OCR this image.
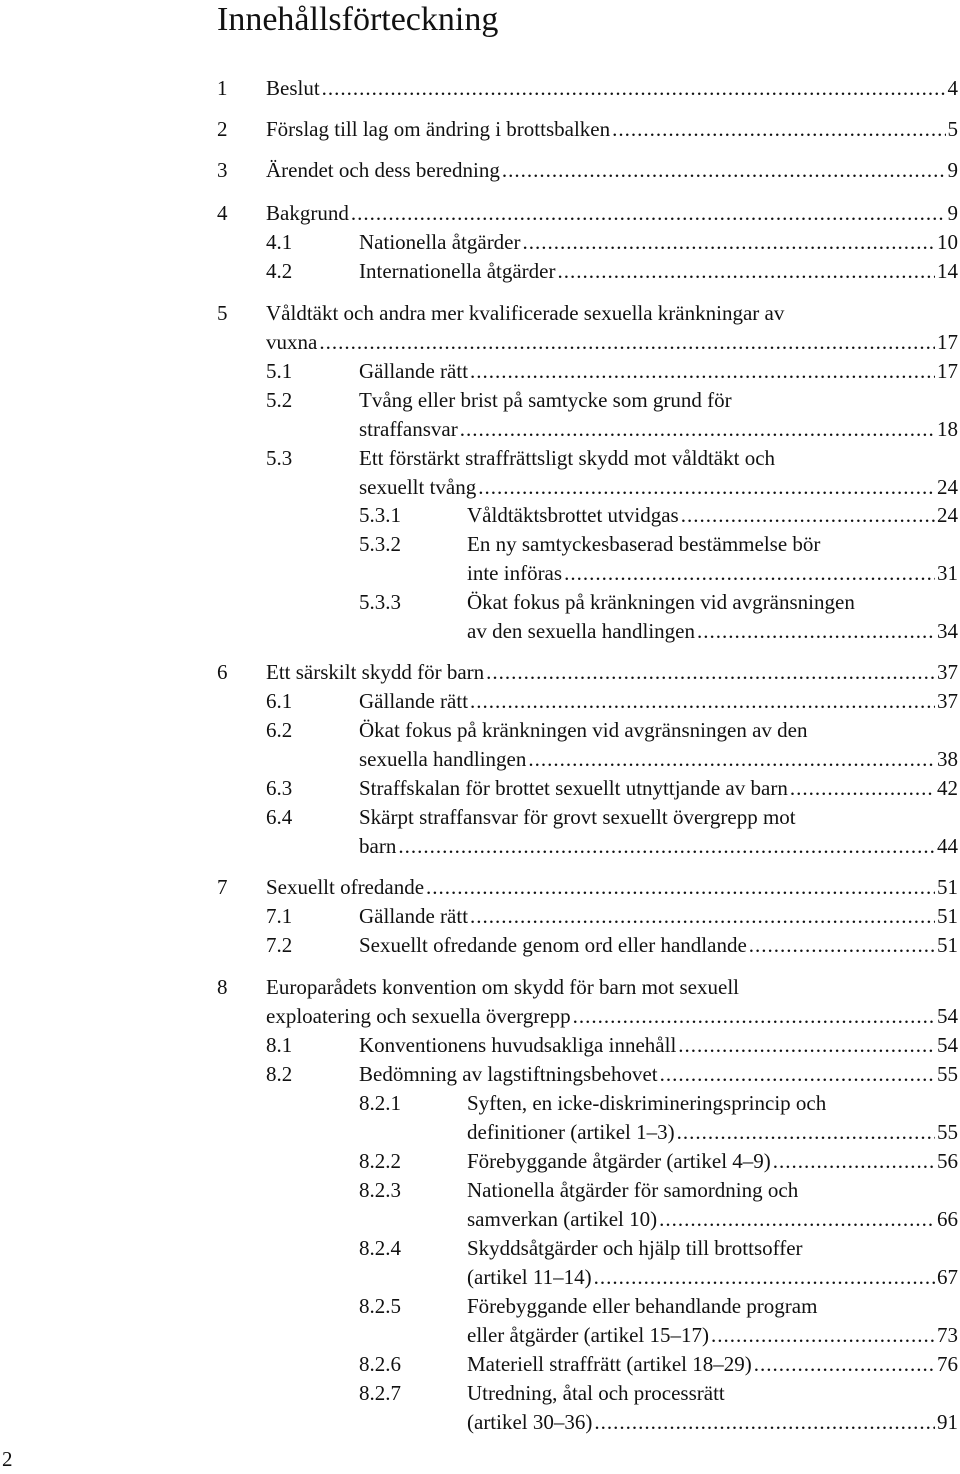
Innehållsförteckning
1 Beslut .....	4
2 Förslag till lag om ändring i brottsbalken .....	5
3 Ärendet och dess beredning .....	9
4 Bakgrund .....	9
4.1	Nationella åtgärder .....	10
4.2	Internationella åtgärder .....	14
5 Våldtäkt och andra mer kvalificerade sexuella kränkningar av
vuxna .....	17
5.1	Gällande rätt .....	17
5.2	Tvång eller brist på samtycke som grund för
straffansvar .....	18
5.3	Ett förstärkt straffrättsligt skydd mot våldtäkt och
sexuellt tvång .....	24
5.3.1	Våldtäktsbrottet utvidgas .....	24
5.3.2	En ny samtyckesbaserad bestämmelse bör
inte införas .....	31
5.3.3	Ökat fokus på kränkningen vid avgränsningen
av den sexuella handlingen .....	34
6 Ett särskilt skydd för barn .....	37
6.1	Gällande rätt .....	37
6.2	Ökat fokus på kränkningen vid avgränsningen av den
sexuella handlingen .....	38
6.3	Straffskalan för brottet sexuellt utnyttjande av barn .....	42
6.4	Skärpt straffansvar för grovt sexuellt övergrepp mot
barn .....	44
7 Sexuellt ofredande .....	51
7.1	Gällande rätt .....	51
7.2	Sexuellt ofredande genom ord eller handlande .....	51
8 Europarådets konvention om skydd för barn mot sexuell
exploatering och sexuella övergrepp .....	54
8.1	Konventionens huvudsakliga innehåll .....	54
8.2	Bedömning av lagstiftningsbehovet .....	55
8.2.1	Syften, en icke-diskrimineringsprincip och
definitioner (artikel 1–3) .....	55
8.2.2	Förebyggande åtgärder (artikel 4–9) .....	56
8.2.3	Nationella åtgärder för samordning och
samverkan (artikel 10) .....	66
8.2.4	Skyddsåtgärder och hjälp till brottsoffer
(artikel 11–14) .....	67
8.2.5	Förebyggande eller behandlande program
eller åtgärder (artikel 15–17) .....	73
8.2.6	Materiell straffrätt (artikel 18–29) .....	76
8.2.7	Utredning, åtal och processrätt
(artikel 30–36) .....	91
2
